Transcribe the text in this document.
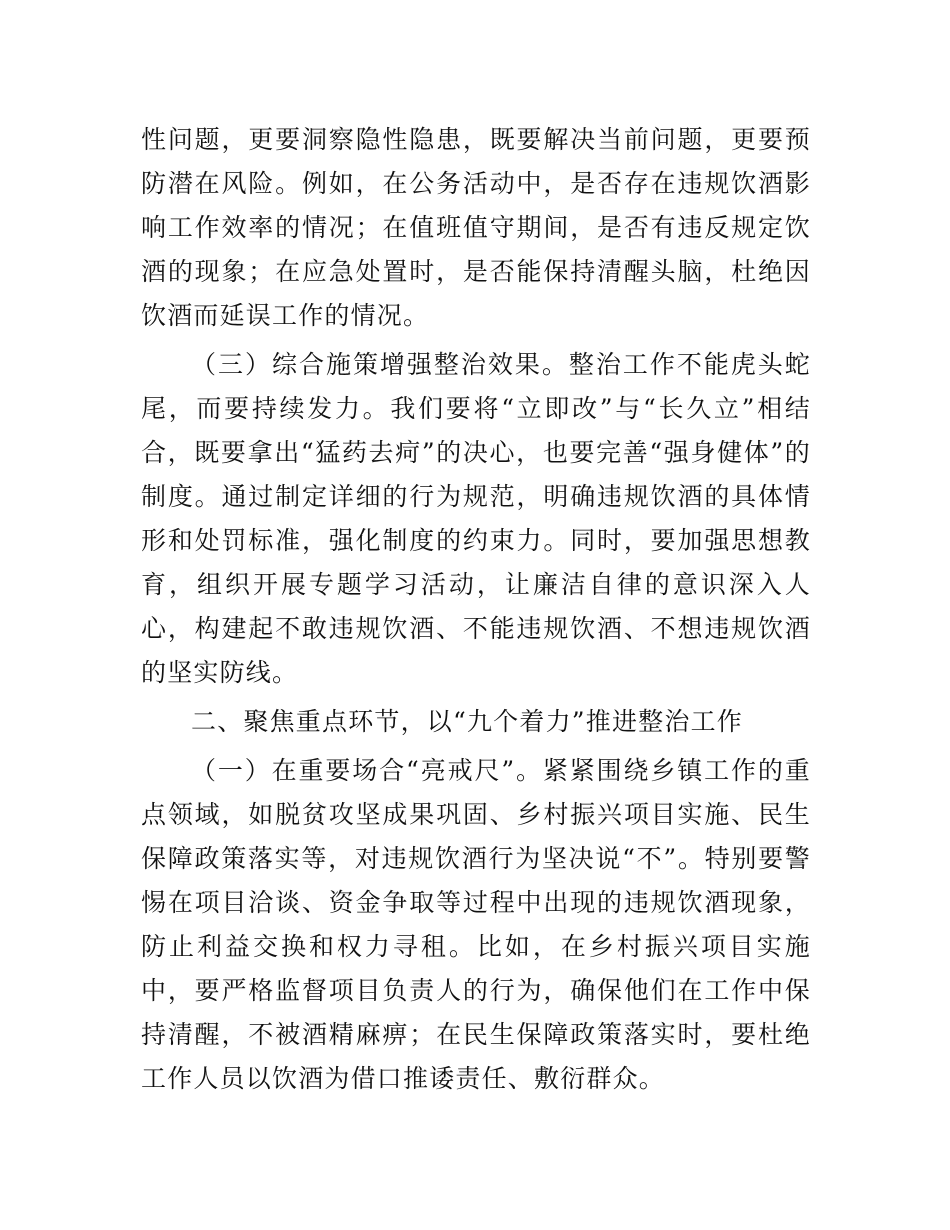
性问题，更要洞察隐性隐患，既要解决当前问题，更要预防潜在风险。例如，在公务活动中，是否存在违规饮酒影响工作效率的情况；在值班值守期间，是否有违反规定饮酒的现象；在应急处置时，是否能保持清醒头脑，杜绝因饮酒而延误工作的情况。

（三）综合施策增强整治效果。整治工作不能虎头蛇尾，而要持续发力。我们要将“立即改”与“长久立”相结合，既要拿出“猛药去疴”的决心，也要完善“强身健体”的制度。通过制定详细的行为规范，明确违规饮酒的具体情形和处罚标准，强化制度的约束力。同时，要加强思想教育，组织开展专题学习活动，让廉洁自律的意识深入人心，构建起不敢违规饮酒、不能违规饮酒、不想违规饮酒的坚实防线。

二、聚焦重点环节，以“九个着力”推进整治工作

（一）在重要场合“亮戒尺”。紧紧围绕乡镇工作的重点领域，如脱贫攻坚成果巩固、乡村振兴项目实施、民生保障政策落实等，对违规饮酒行为坚决说“不”。特别要警惕在项目洽谈、资金争取等过程中出现的违规饮酒现象，防止利益交换和权力寻租。比如，在乡村振兴项目实施中，要严格监督项目负责人的行为，确保他们在工作中保持清醒，不被酒精麻痹；在民生保障政策落实时，要杜绝工作人员以饮酒为借口推诿责任、敷衍群众。
